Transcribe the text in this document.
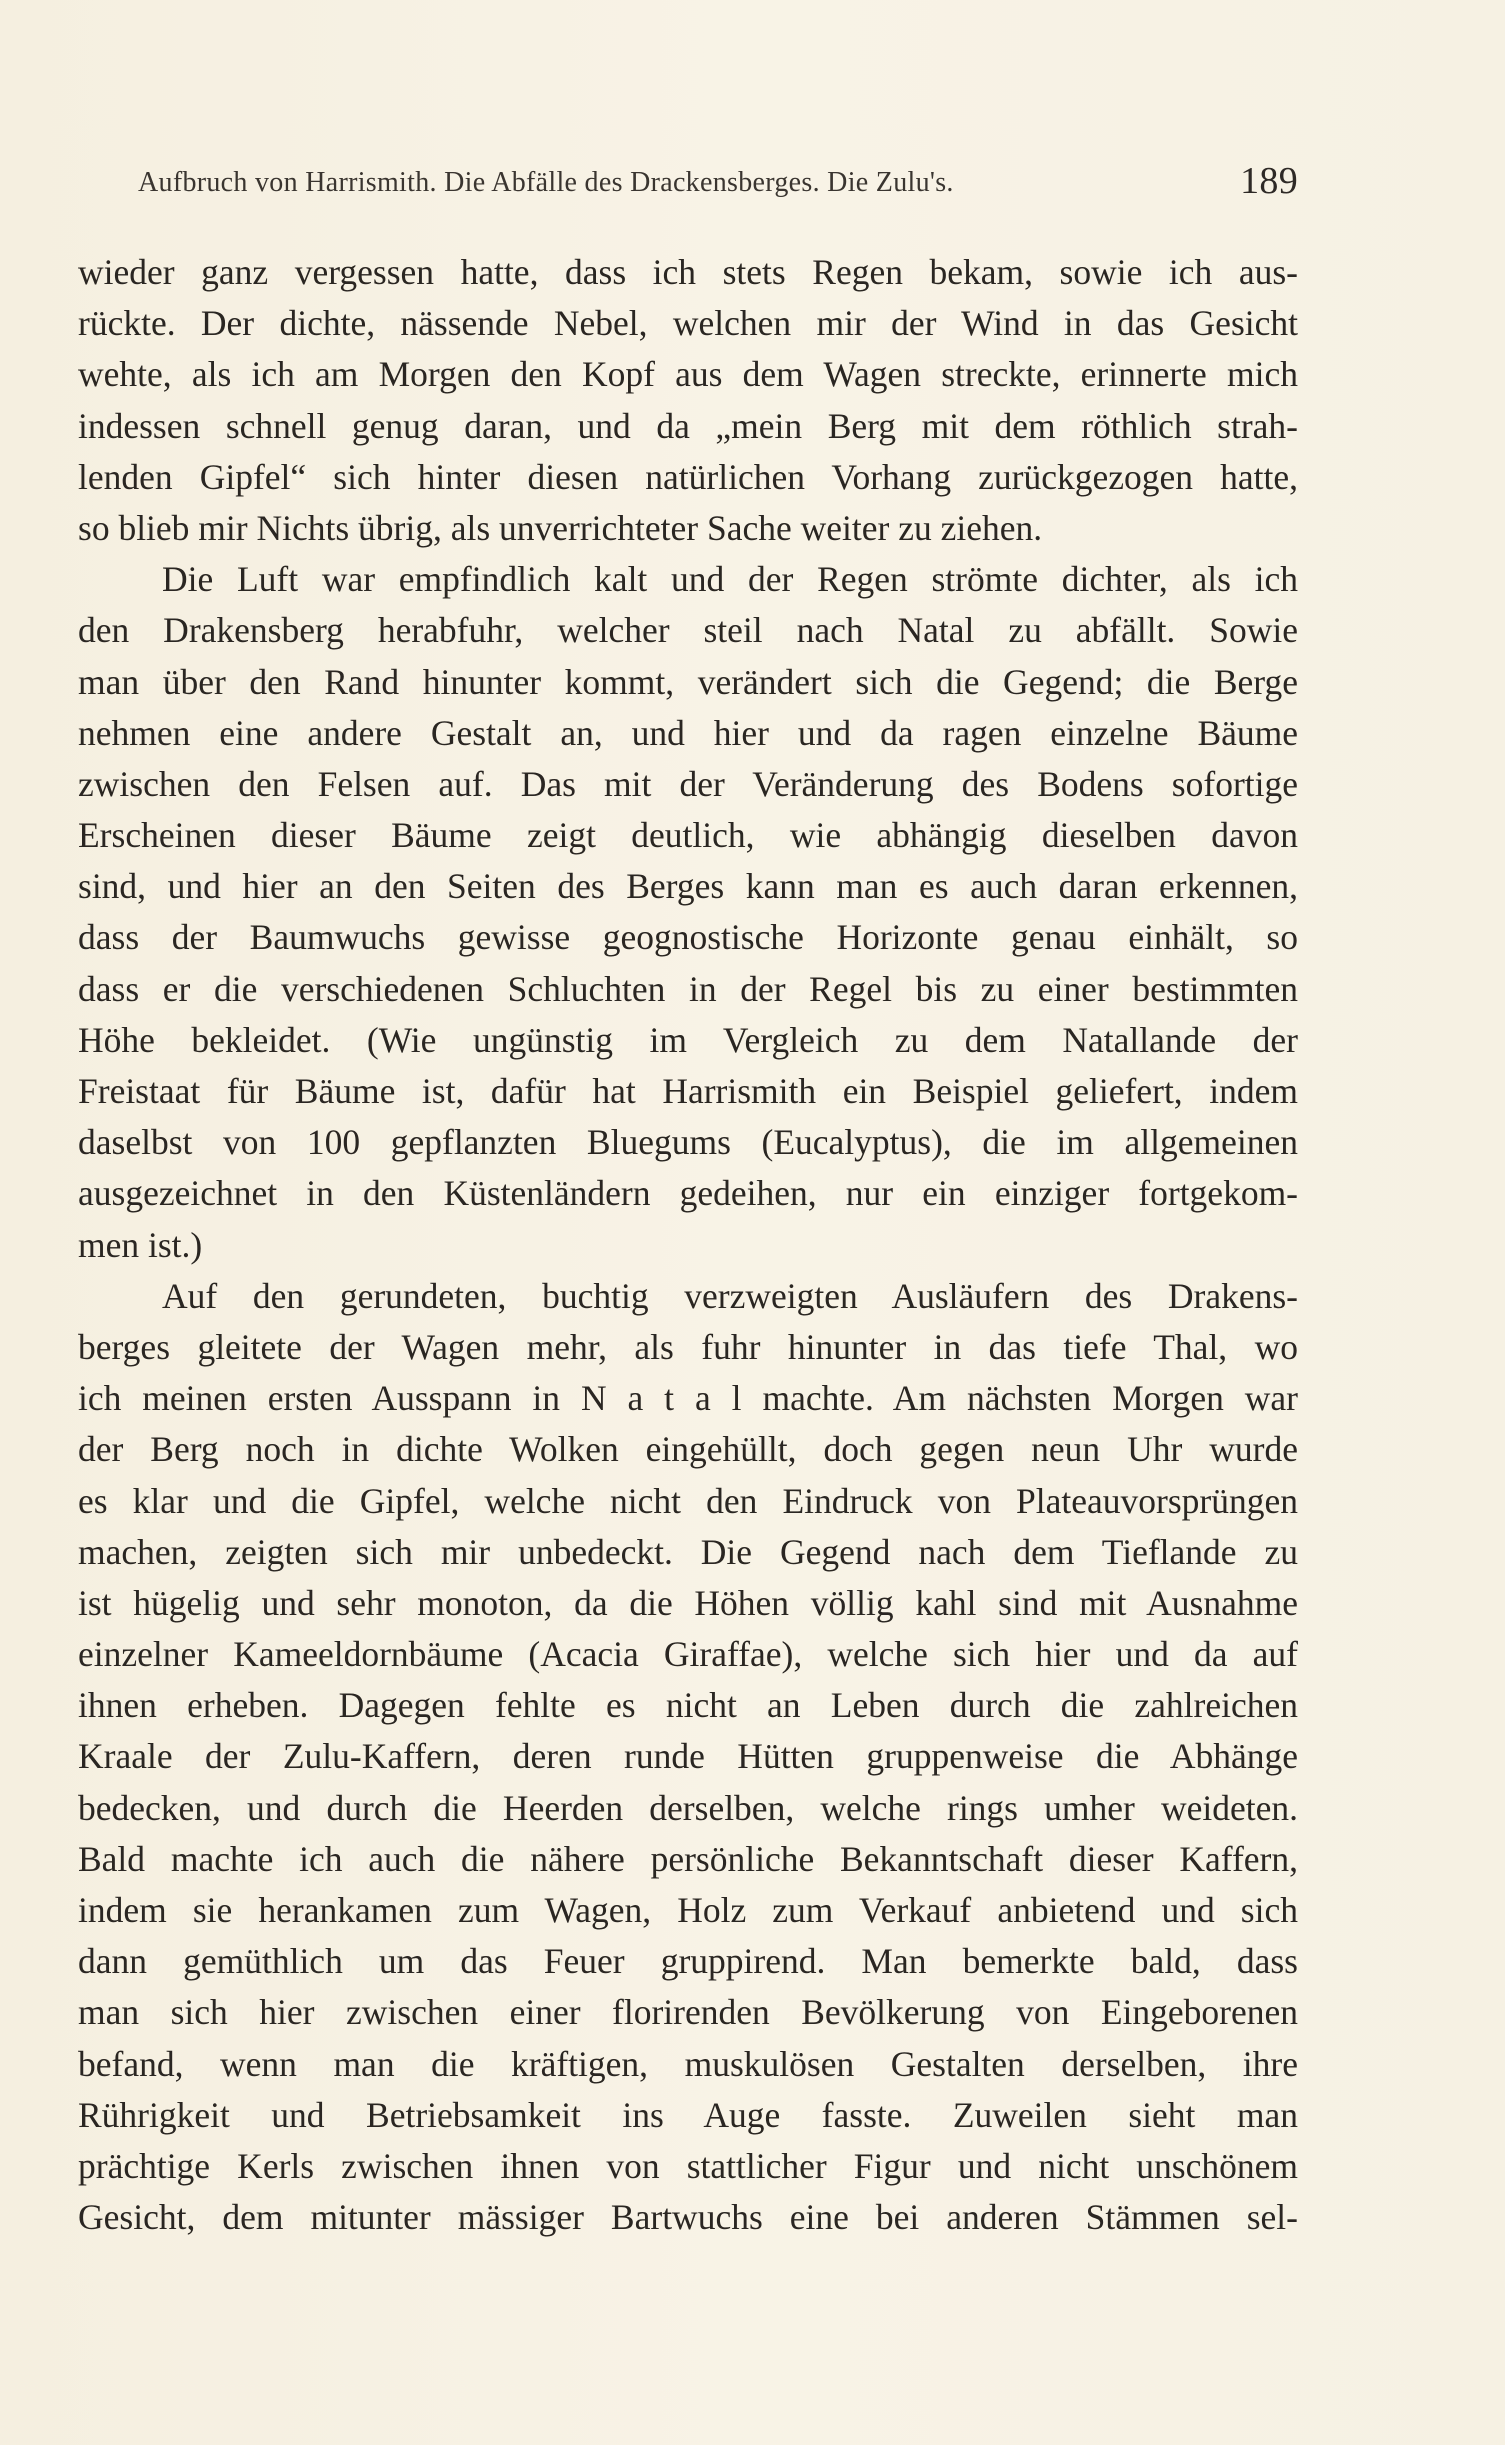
Aufbruch von Harrismith. Die Abfälle des Drackensberges. Die Zulu's.	189
wieder ganz vergessen hatte, dass ich stets Regen bekam, sowie ich aus-
rückte. Der dichte, nässende Nebel, welchen mir der Wind in das Gesicht
wehte, als ich am Morgen den Kopf aus dem Wagen streckte, erinnerte mich
indessen schnell genug daran, und da „mein Berg mit dem röthlich strah-
lenden Gipfel“ sich hinter diesen natürlichen Vorhang zurückgezogen hatte,
so blieb mir Nichts übrig, als unverrichteter Sache weiter zu ziehen.
Die Luft war empfindlich kalt und der Regen strömte dichter, als ich
den Drakensberg herabfuhr, welcher steil nach Natal zu abfällt. Sowie
man über den Rand hinunter kommt, verändert sich die Gegend; die Berge
nehmen eine andere Gestalt an, und hier und da ragen einzelne Bäume
zwischen den Felsen auf. Das mit der Veränderung des Bodens sofortige
Erscheinen dieser Bäume zeigt deutlich, wie abhängig dieselben davon
sind, und hier an den Seiten des Berges kann man es auch daran erkennen,
dass der Baumwuchs gewisse geognostische Horizonte genau einhält, so
dass er die verschiedenen Schluchten in der Regel bis zu einer bestimmten
Höhe bekleidet. (Wie ungünstig im Vergleich zu dem Natallande der
Freistaat für Bäume ist, dafür hat Harrismith ein Beispiel geliefert, indem
daselbst von 100 gepflanzten Bluegums (Eucalyptus), die im allgemeinen
ausgezeichnet in den Küstenländern gedeihen, nur ein einziger fortgekom-
men ist.)
Auf den gerundeten, buchtig verzweigten Ausläufern des Drakens-
berges gleitete der Wagen mehr, als fuhr hinunter in das tiefe Thal, wo
ich meinen ersten Ausspann in N a t a l machte. Am nächsten Morgen war
der Berg noch in dichte Wolken eingehüllt, doch gegen neun Uhr wurde
es klar und die Gipfel, welche nicht den Eindruck von Plateauvorsprüngen
machen, zeigten sich mir unbedeckt. Die Gegend nach dem Tieflande zu
ist hügelig und sehr monoton, da die Höhen völlig kahl sind mit Ausnahme
einzelner Kameeldornbäume (Acacia Giraffae), welche sich hier und da auf
ihnen erheben. Dagegen fehlte es nicht an Leben durch die zahlreichen
Kraale der Zulu-Kaffern, deren runde Hütten gruppenweise die Abhänge
bedecken, und durch die Heerden derselben, welche rings umher weideten.
Bald machte ich auch die nähere persönliche Bekanntschaft dieser Kaffern,
indem sie herankamen zum Wagen, Holz zum Verkauf anbietend und sich
dann gemüthlich um das Feuer gruppirend. Man bemerkte bald, dass
man sich hier zwischen einer florirenden Bevölkerung von Eingeborenen
befand, wenn man die kräftigen, muskulösen Gestalten derselben, ihre
Rührigkeit und Betriebsamkeit ins Auge fasste. Zuweilen sieht man
prächtige Kerls zwischen ihnen von stattlicher Figur und nicht unschönem
Gesicht, dem mitunter mässiger Bartwuchs eine bei anderen Stämmen sel-
